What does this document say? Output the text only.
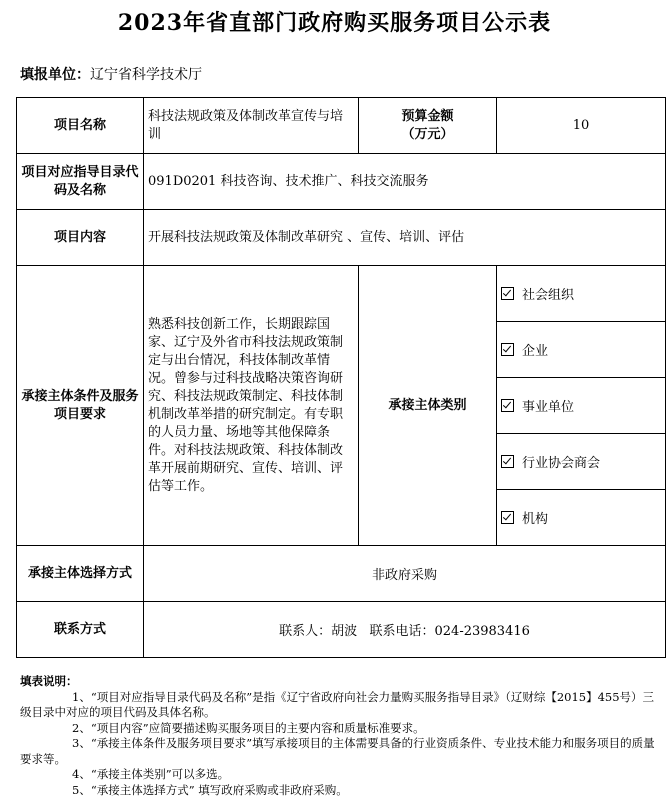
2023年省直部门政府购买服务项目公示表
填报单位：辽宁省科学技术厅
项目名称	科技法规政策及体制改革宣传与培训	预算金额
（万元）	10
项目对应指导目录代码及名称	091D0201 科技咨询、技术推广、科技交流服务		
项目内容	开展科技法规政策及体制改革研究 、宣传、培训、评估		
承接主体条件及服务项目要求	熟悉科技创新工作，长期跟踪国家、辽宁及外省市科技法规政策制定与出台情况，科技体制改革情况。曾参与过科技战略决策咨询研究、科技法规政策制定、科技体制机制改革举措的研究制定。有专职的人员力量、场地等其他保障条件。对科技法规政策、科技体制改革开展前期研究、宣传、培训、评估等工作。	承接主体类别	社会组织
			企业
			事业单位
			行业协会商会
			机构
承接主体选择方式	非政府采购		
联系方式	联系人：胡波   联系电话：024-23983416		

填表说明：

1、“项目对应指导目录代码及名称”是指《辽宁省政府向社会力量购买服务指导目录》（辽财综【2015】455号）三级目录中对应的项目代码及具体名称。

2、“项目内容”应简要描述购买服务项目的主要内容和质量标准要求。

3、“承接主体条件及服务项目要求”填写承接项目的主体需要具备的行业资质条件、专业技术能力和服务项目的质量要求等。

4、“承接主体类别”可以多选。

5、“承接主体选择方式” 填写政府采购或非政府采购。
